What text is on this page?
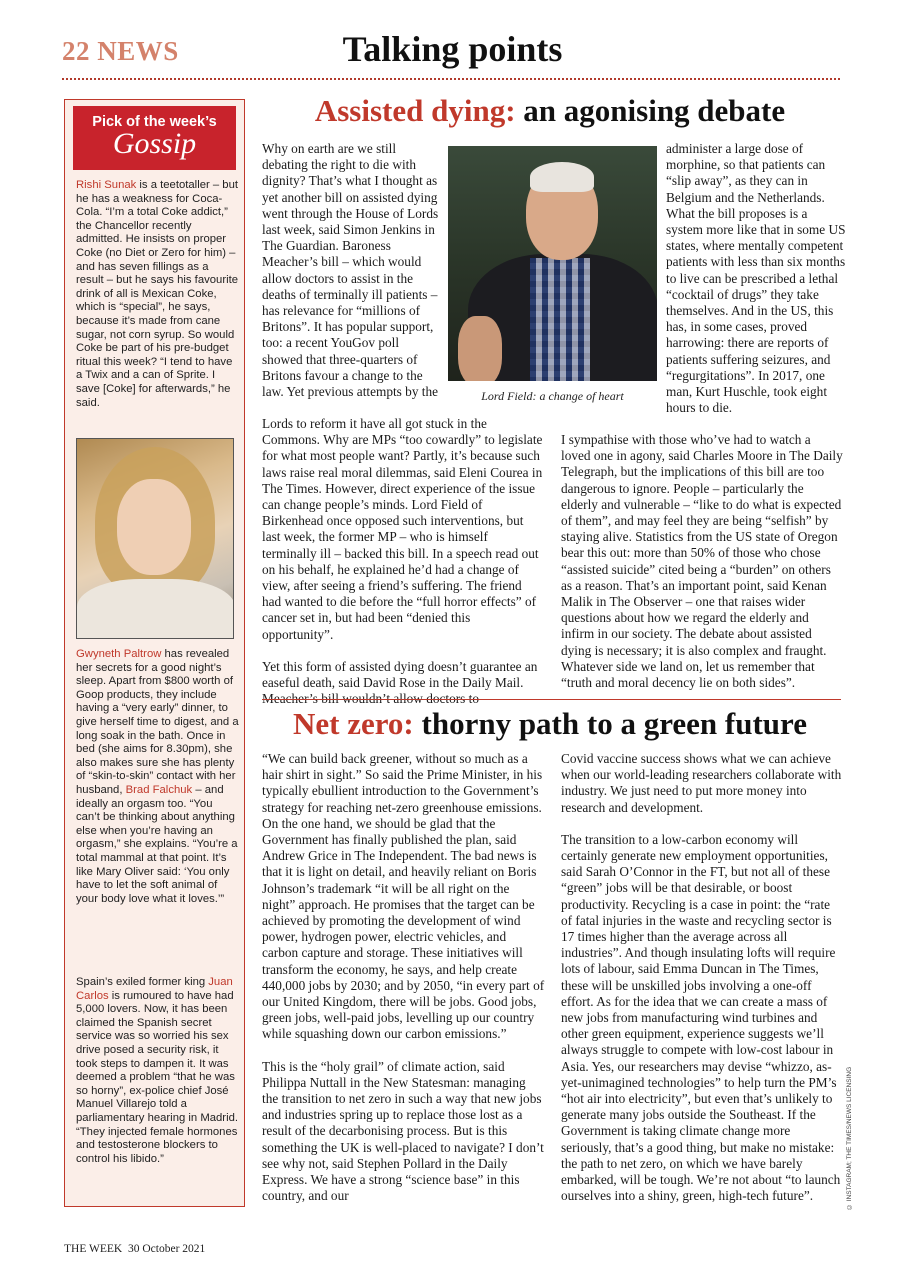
22 NEWS	Talking points
Pick of the week’s
Gossip
Rishi Sunak is a teetotaller – but he has a weakness for Coca-Cola. “I’m a total Coke addict,” the Chancellor recently admitted. He insists on proper Coke (no Diet or Zero for him) – and has seven fillings as a result – but he says his favourite drink of all is Mexican Coke, which is “special”, he says, because it’s made from cane sugar, not corn syrup. So would Coke be part of his pre-budget ritual this week? “I tend to have a Twix and a can of Sprite. I save [Coke] for afterwards,” he said.
Gwyneth Paltrow has revealed her secrets for a good night’s sleep. Apart from $800 worth of Goop products, they include having a “very early” dinner, to give herself time to digest, and a long soak in the bath. Once in bed (she aims for 8.30pm), she also makes sure she has plenty of “skin-to-skin” contact with her husband, Brad Falchuk – and ideally an orgasm too. “You can’t be thinking about anything else when you’re having an orgasm,” she explains. “You’re a total mammal at that point. It’s like Mary Oliver said: ‘You only have to let the soft animal of your body love what it loves.’”
Spain’s exiled former king Juan Carlos is rumoured to have had 5,000 lovers. Now, it has been claimed the Spanish secret service was so worried his sex drive posed a security risk, it took steps to dampen it. It was deemed a problem “that he was so horny”, ex-police chief José Manuel Villarejo told a parliamentary hearing in Madrid. “They injected female hormones and testosterone blockers to control his libido.”
Assisted dying: an agonising debate

Why on earth are we still debating the right to die with dignity? That’s what I thought as yet another bill on assisted dying went through the House of Lords last week, said Simon Jenkins in The Guardian. Baroness Meacher’s bill – which would allow doctors to assist in the deaths of terminally ill patients – has relevance for “millions of Britons”. It has popular support, too: a recent YouGov poll showed that three-quarters of Britons favour a change to the law. Yet previous attempts by the

Lords to reform it have all got stuck in the Commons. Why are MPs “too cowardly” to legislate for what most people want? Partly, it’s because such laws raise real moral dilemmas, said Eleni Courea in The Times. However, direct experience of the issue can change people’s minds. Lord Field of Birkenhead once opposed such interventions, but last week, the former MP – who is himself terminally ill – backed this bill. In a speech read out on his behalf, he explained he’d had a change of view, after seeing a friend’s suffering. The friend had wanted to die before the “full horror effects” of cancer set in, but had been “denied this opportunity”.

Yet this form of assisted dying doesn’t guarantee an easeful death, said David Rose in the Daily Mail. Meacher’s bill wouldn’t allow doctors to

Lord Field: a change of heart

administer a large dose of morphine, so that patients can “slip away”, as they can in Belgium and the Netherlands. What the bill proposes is a system more like that in some US states, where mentally competent patients with less than six months to live can be prescribed a lethal “cocktail of drugs” they take themselves. And in the US, this has, in some cases, proved harrowing: there are reports of patients suffering seizures, and “regurgitations”. In 2017, one man, Kurt Huschle, took eight hours to die.

I sympathise with those who’ve had to watch a loved one in agony, said Charles Moore in The Daily Telegraph, but the implications of this bill are too dangerous to ignore. People – particularly the elderly and vulnerable – “like to do what is expected of them”, and may feel they are being “selfish” by staying alive. Statistics from the US state of Oregon bear this out: more than 50% of those who chose “assisted suicide” cited being a “burden” on others as a reason. That’s an important point, said Kenan Malik in The Observer – one that raises wider questions about how we regard the elderly and infirm in our society. The debate about assisted dying is necessary; it is also complex and fraught. Whatever side we land on, let us remember that “truth and moral decency lie on both sides”.

Net zero: thorny path to a green future

“We can build back greener, without so much as a hair shirt in sight.” So said the Prime Minister, in his typically ebullient introduction to the Government’s strategy for reaching net-zero greenhouse emissions. On the one hand, we should be glad that the Government has finally published the plan, said Andrew Grice in The Independent. The bad news is that it is light on detail, and heavily reliant on Boris Johnson’s trademark “it will be all right on the night” approach. He promises that the target can be achieved by promoting the development of wind power, hydrogen power, electric vehicles, and carbon capture and storage. These initiatives will transform the economy, he says, and help create 440,000 jobs by 2030; and by 2050, “in every part of our United Kingdom, there will be jobs. Good jobs, green jobs, well-paid jobs, levelling up our country while squashing down our carbon emissions.”

This is the “holy grail” of climate action, said Philippa Nuttall in the New Statesman: managing the transition to net zero in such a way that new jobs and industries spring up to replace those lost as a result of the decarbonising process. But is this something the UK is well-placed to navigate? I don’t see why not, said Stephen Pollard in the Daily Express. We have a strong “science base” in this country, and our

Covid vaccine success shows what we can achieve when our world-leading researchers collaborate with industry. We just need to put more money into research and development.

The transition to a low-carbon economy will certainly generate new employment opportunities, said Sarah O’Connor in the FT, but not all of these “green” jobs will be that desirable, or boost productivity. Recycling is a case in point: the “rate of fatal injuries in the waste and recycling sector is 17 times higher than the average across all industries”. And though insulating lofts will require lots of labour, said Emma Duncan in The Times, these will be unskilled jobs involving a one-off effort. As for the idea that we can create a mass of new jobs from manufacturing wind turbines and other green equipment, experience suggests we’ll always struggle to compete with low-cost labour in Asia. Yes, our researchers may devise “whizzo, as-yet-unimagined technologies” to help turn the PM’s “hot air into electricity”, but even that’s unlikely to generate many jobs outside the Southeast. If the Government is taking climate change more seriously, that’s a good thing, but make no mistake: the path to net zero, on which we have barely embarked, will be tough. We’re not about “to launch ourselves into a shiny, green, high-tech future”.	© INSTAGRAM; THE TIMES/NEWS LICENSING
THE WEEK 30 October 2021
